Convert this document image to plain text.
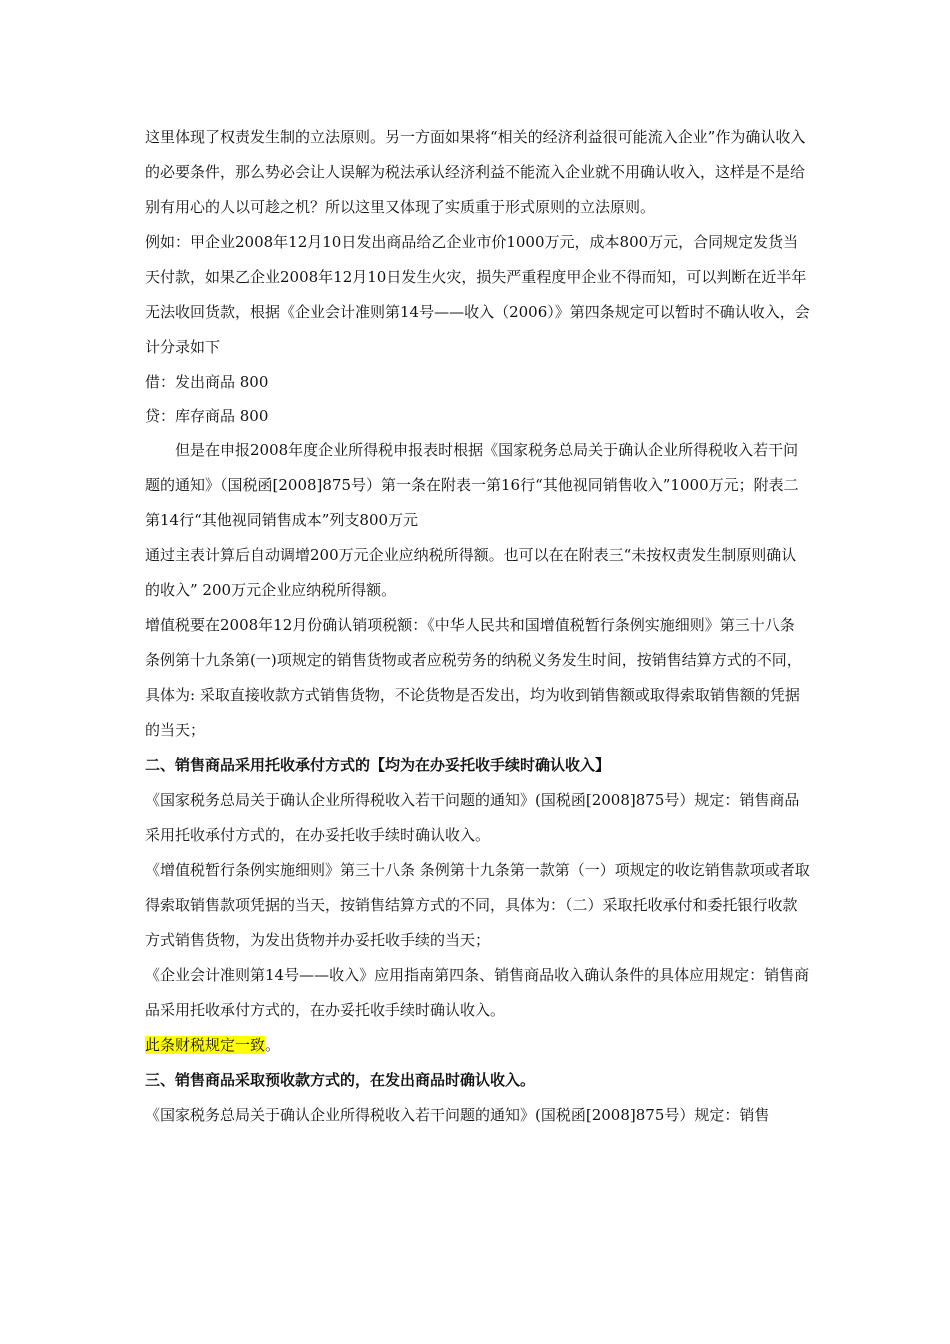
这里体现了权责发生制的立法原则。另一方面如果将“相关的经济利益很可能流入企业”作为确认收入的必要条件，那么势必会让人误解为税法承认经济利益不能流入企业就不用确认收入，这样是不是给别有用心的人以可趁之机？所以这里又体现了实质重于形式原则的立法原则。

例如：甲企业2008年12月10日发出商品给乙企业市价1000万元，成本800万元，合同规定发货当天付款，如果乙企业2008年12月10日发生火灾，损失严重程度甲企业不得而知，可以判断在近半年无法收回货款，根据《企业会计准则第14号——收入（2006）》第四条规定可以暂时不确认收入，会计分录如下

借：发出商品 800

贷：库存商品 800

但是在申报2008年度企业所得税申报表时根据《国家税务总局关于确认企业所得税收入若干问题的通知》（国税函[2008]875号）第一条在附表一第16行“其他视同销售收入”1000万元；附表二第14行“其他视同销售成本”列支800万元

通过主表计算后自动调增200万元企业应纳税所得额。也可以在在附表三“未按权责发生制原则确认的收入” 200万元企业应纳税所得额。

增值税要在2008年12月份确认销项税额：《中华人民共和国增值税暂行条例实施细则》第三十八条　条例第十九条第(一)项规定的销售货物或者应税劳务的纳税义务发生时间，按销售结算方式的不同，具体为: 采取直接收款方式销售货物，不论货物是否发出，均为收到销售额或取得索取销售额的凭据的当天；

二、销售商品采用托收承付方式的【均为在办妥托收手续时确认收入】

《国家税务总局关于确认企业所得税收入若干问题的通知》(国税函[2008]875号）规定：销售商品采用托收承付方式的，在办妥托收手续时确认收入。

《增值税暂行条例实施细则》第三十八条 条例第十九条第一款第（一）项规定的收讫销售款项或者取得索取销售款项凭据的当天，按销售结算方式的不同，具体为：（二）采取托收承付和委托银行收款方式销售货物，为发出货物并办妥托收手续的当天；

《企业会计准则第14号——收入》应用指南第四条、销售商品收入确认条件的具体应用规定：销售商品采用托收承付方式的，在办妥托收手续时确认收入。

此条财税规定一致。

三、销售商品采取预收款方式的，在发出商品时确认收入。

《国家税务总局关于确认企业所得税收入若干问题的通知》(国税函[2008]875号）规定：销售
